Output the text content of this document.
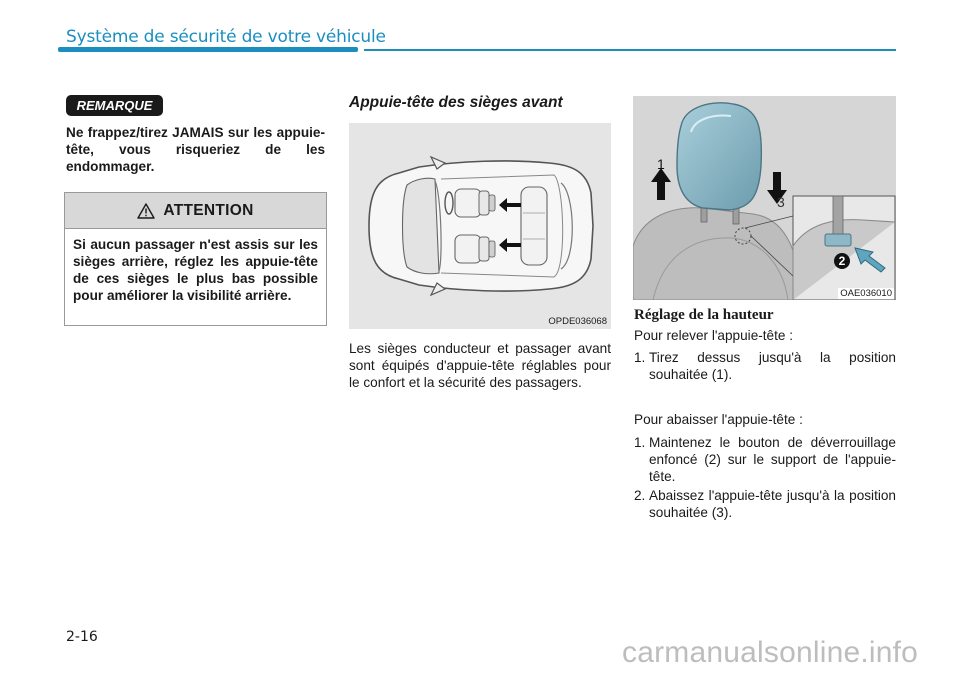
Système de sécurité de votre véhicule
REMARQUE
Ne frappez/tirez JAMAIS sur les appuie-tête, vous risqueriez de les endommager.
ATTENTION
Si aucun passager n'est assis sur les sièges arrière, réglez les appuie-tête de ces sièges le plus bas possible pour améliorer la visibilité arrière.
Appuie-tête des sièges avant
OPDE036068
Les sièges conducteur et passager avant sont équipés d'appuie-tête réglables pour le confort et la sécurité des passagers.
1
3
2
OAE036010
Réglage de la hauteur
Pour relever l'appuie-tête :
1. Tirez dessus jusqu'à la position souhaitée (1).
Pour abaisser l'appuie-tête :
1. Maintenez le bouton de déverrouillage enfoncé (2) sur le support de l'appuie-tête.
2. Abaissez l'appuie-tête jusqu'à la position souhaitée (3).
2-16	carmanualsonline.info
